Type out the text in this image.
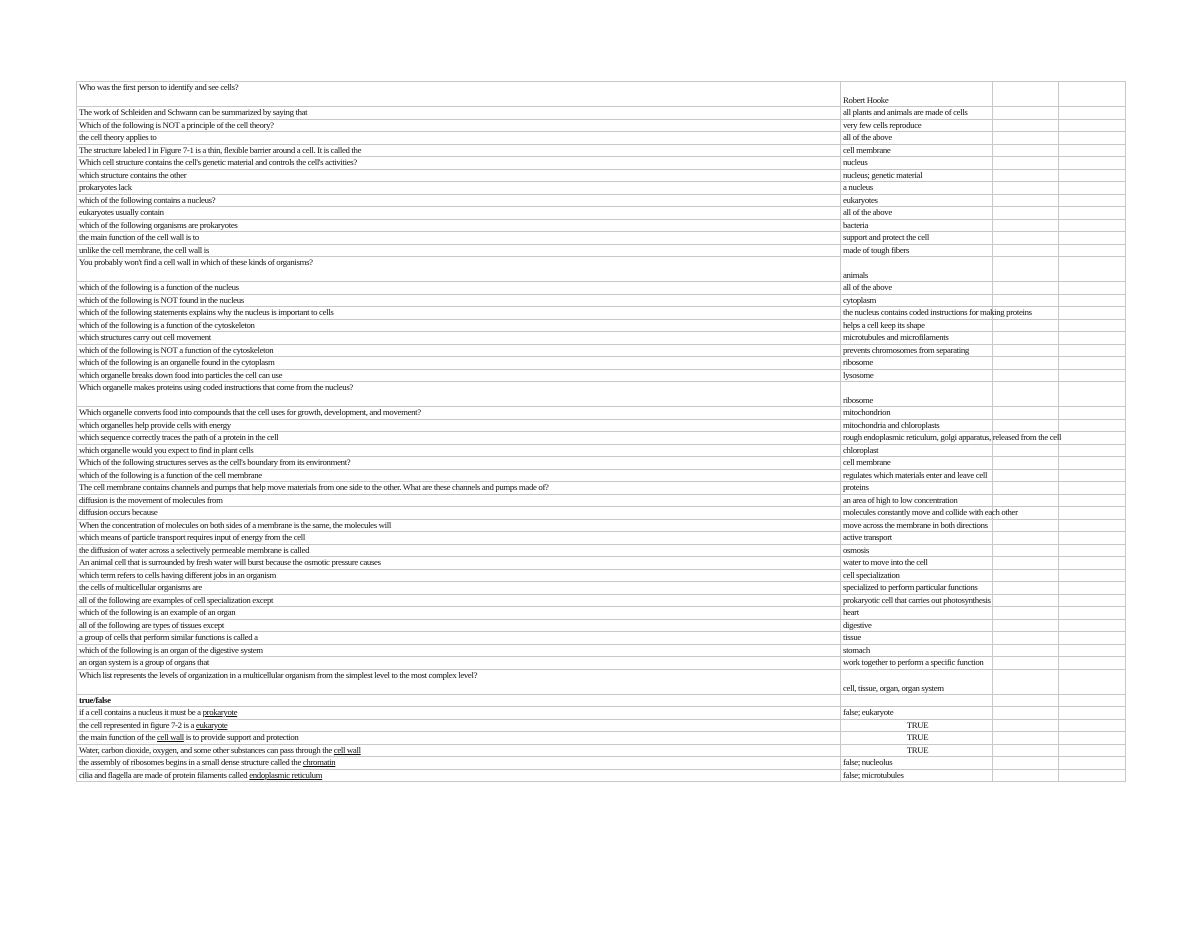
Who was the first person to identify and see cells?	Robert Hooke		
The work of Schleiden and Schwann can be summarized by saying that	all plants and animals are made of cells		
Which of the following is NOT a principle of the cell theory?	very few cells reproduce		
the cell theory applies to	all of the above		
The structure labeled I in Figure 7-1 is a thin, flexible barrier around a cell. It is called the	cell membrane		
Which cell structure contains the cell's genetic material and controls the cell's activities?	nucleus		
which structure contains the other	nucleus; genetic material		
prokaryotes lack	a nucleus		
which of the following contains a nucleus?	eukaryotes		
eukaryotes usually contain	all of the above		
which of the following organisms are prokaryotes	bacteria		
the main function of the cell wall is to	support and protect the cell		
unlike the cell membrane, the cell wall is	made of tough fibers		
You probably won't find a cell wall in which of these kinds of organisms?	animals		
which of the following is a function of the nucleus	all of the above		
which of the following is NOT found in the nucleus	cytoplasm		
which of the following statements explains why the nucleus is important to cells	the nucleus contains coded instructions for making proteins		
which of the following is a function of the cytoskeleton	helps a cell keep its shape		
which structures carry out cell movement	microtubules and microfilaments		
which of the following is NOT a function of the cytoskeleton	prevents chromosomes from separating		
which of the following is an organelle found in the cytoplasm	ribosome		
which organelle breaks down food into particles the cell can use	lysosome		
Which organelle makes proteins using coded instructions that come from the nucleus?	ribosome		
Which organelle converts food into compounds that the cell uses for growth, development, and movement?	mitochondrion		
which organelles help provide cells with energy	mitochondria and chloroplasts		
which sequence correctly traces the path of a protein in the cell	rough endoplasmic reticulum, golgi apparatus, released from the cell		
which organelle would you expect to find in plant cells	chloroplast		
Which of the following structures serves as the cell's boundary from its environment?	cell membrane		
which of the following is a function of the cell membrane	regulates which materials enter and leave cell		
The cell membrane contains channels and pumps that help move materials from one side to the other. What are these channels and pumps made of?	proteins		
diffusion is the movement of molecules from	an area of high to low concentration		
diffusion occurs because	molecules constantly move and collide with each other		
When the concentration of molecules on both sides of a membrane is the same, the molecules will	move across the membrane in both directions		
which means of particle transport requires input of energy from the cell	active transport		
the diffusion of water across a selectively permeable membrane is called	osmosis		
An animal cell that is surrounded by fresh water will burst because the osmotic pressure causes	water to move into the cell		
which term refers to cells having different jobs in an organism	cell specialization		
the cells of multicellular organisms are	specialized to perform particular functions		
all of the following are examples of cell specialization except	prokaryotic cell that carries out photosynthesis		
which of the following is an example of an organ	heart		
all of the following are types of tissues except	digestive		
a group of cells that perform similar functions is called a	tissue		
which of the following is an organ of the digestive system	stomach		
an organ system is a group of organs that	work together to perform a specific function		
Which list represents the levels of organization in a multicellular organism from the simplest level to the most complex level?	cell, tissue, organ, organ system		
true/false			
if a cell contains a nucleus it must be a prokaryote	false; eukaryote		
the cell represented in figure 7-2 is a eukaryote	TRUE		
the main function of the cell wall is to provide support and protection	TRUE		
Water, carbon dioxide, oxygen, and some other substances can pass through the cell wall	TRUE		
the assembly of ribosomes begins in a small dense structure called the chromatin	false; nucleolus		
cilia and flagella are made of protein filaments called endoplasmic reticulum	false; microtubules		
